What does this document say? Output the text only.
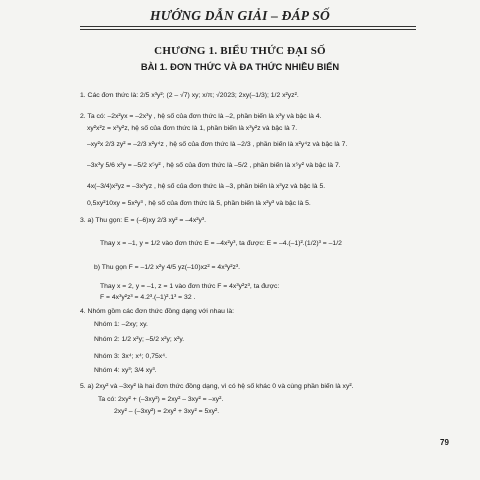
HƯỚNG DẪN GIẢI – ĐÁP SỐ
CHƯƠNG 1. BIỂU THỨC ĐẠI SỐ
BÀI 1. ĐƠN THỨC VÀ ĐA THỨC NHIỀU BIẾN
1. Các đơn thức là: 2/5 x³y²; (2 – √7) xy; x/π; √2023; 2xy(–1/3); 1/2 x²yz².
2. Ta có: –2x²yx = –2x³y , hệ số của đơn thức là –2, phần biến là x³y và bậc là 4.
xy²x²z = x³y²z, hệ số của đơn thức là 1, phần biến là x³y²z và bậc là 7.
–xy²x 2/3 zy² = –2/3 x²y⁴z , hệ số của đơn thức là –2/3 , phần biến là x²y⁴z và bậc là 7.
–3x³y 5/6 x²y = –5/2 x⁵y² , hệ số của đơn thức là –5/2 , phần biến là x⁵y² và bậc là 7.
4x(–3/4)x²yz = –3x³yz , hệ số của đơn thức là –3, phần biến là x³yz và bậc là 5.
0,5xy²10xy = 5x²y³ , hệ số của đơn thức là 5, phần biến là x²y³ và bậc là 5.
3. a) Thu gọn: E = (–6)xy 2/3 xy² = –4x²y³.
Thay x = –1, y = 1/2 vào đơn thức E = –4x²y³, ta được: E = –4.(–1)².(1/2)³ = –1/2
b) Thu gọn F = –1/2 x²y 4/5 yz(–10)xz² = 4x³y²z³.
Thay x = 2, y = –1, z = 1 vào đơn thức F = 4x³y²z³, ta được:
F = 4x³y²z³ = 4.2³.(–1)².1³ = 32 .
4. Nhóm gồm các đơn thức đồng dạng với nhau là:
Nhóm 1: –2xy; xy.
Nhóm 2: 1/2 x²y; –5/2 x²y; x²y.
Nhóm 3: 3x⁴; x⁴; 0,75x⁴.
Nhóm 4: xy³; 3/4 xy³.
5. a) 2xy² và –3xy² là hai đơn thức đồng dạng, vì có hệ số khác 0 và cùng phần biến là xy².
Ta có: 2xy² + (–3xy²) = 2xy² – 3xy² = –xy².
2xy² – (–3xy²) = 2xy² + 3xy² = 5xy².
79
